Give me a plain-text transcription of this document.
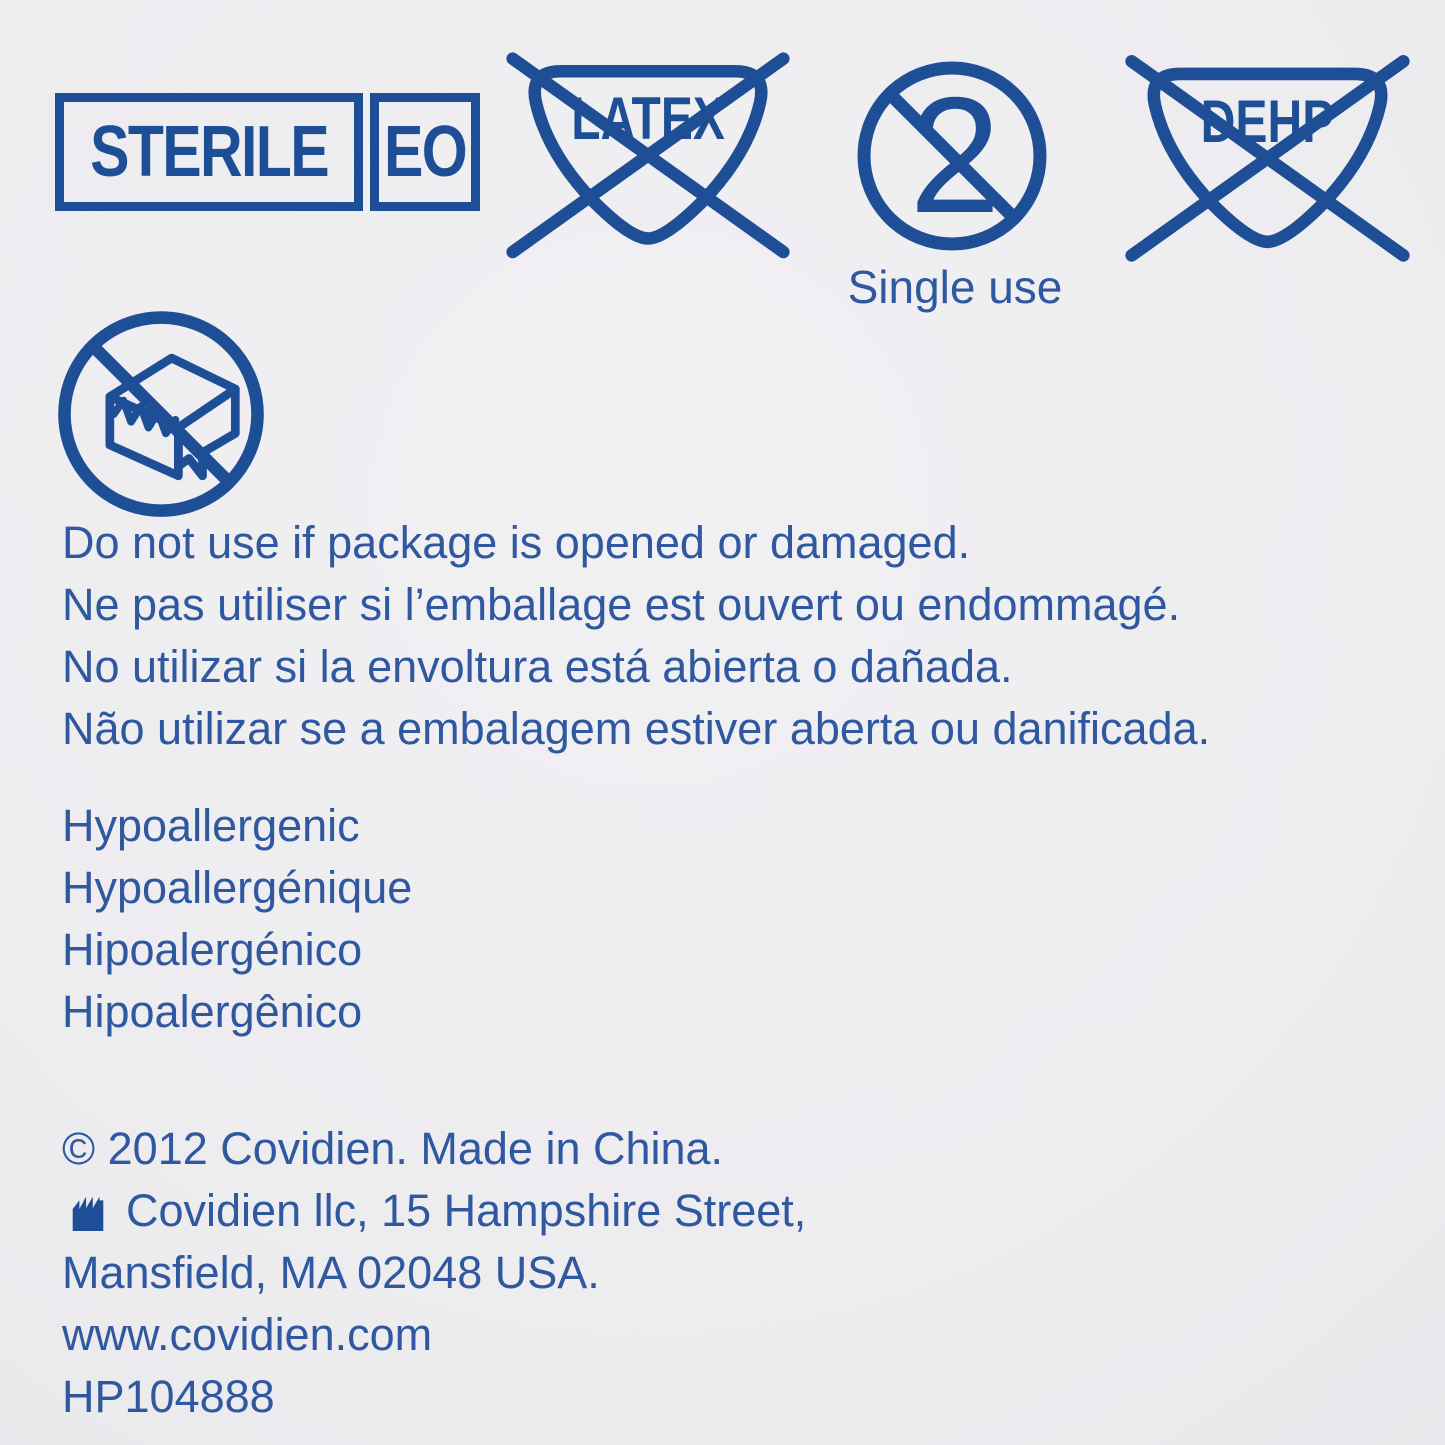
STERILE EO LATEX 2
Single use
DEHP
Do not use if package is opened or damaged.
Ne pas utiliser si l’emballage est ouvert ou endommagé.
No utilizar si la envoltura está abierta o dañada.
Não utilizar se a embalagem estiver aberta ou danificada.
Hypoallergenic
Hypoallergénique
Hipoalergénico
Hipoalergênico
© 2012 Covidien. Made in China.
Covidien llc, 15 Hampshire Street,
Mansfield, MA 02048 USA.
www.covidien.com
HP104888
